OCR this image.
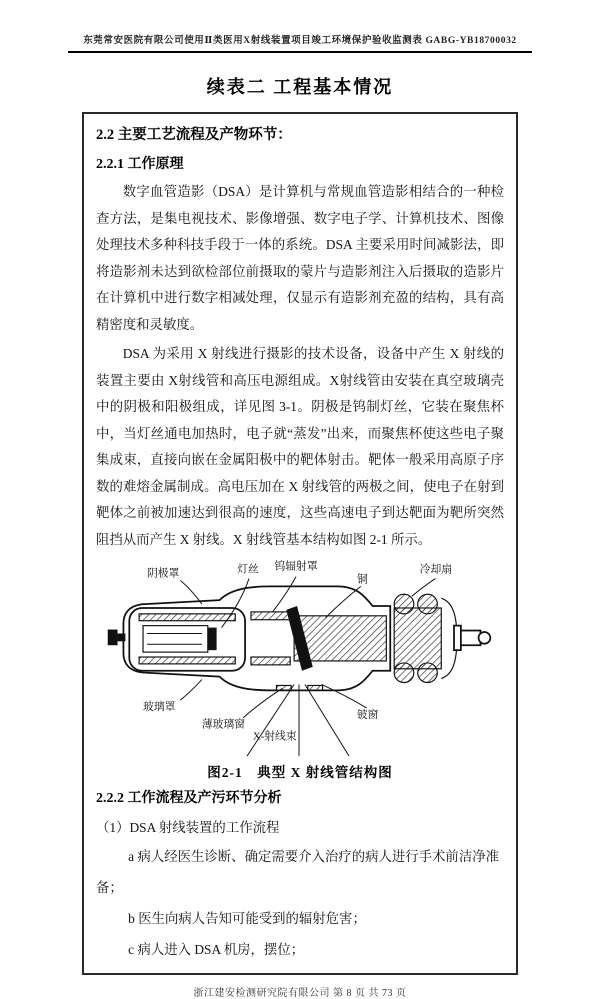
东莞常安医院有限公司使用Ⅱ类医用X射线装置项目竣工环境保护验收监测表 GABG-YB18700032
续表二 工程基本情况
2.2 主要工艺流程及产物环节：
2.2.1 工作原理

数字血管造影（DSA）是计算机与常规血管造影相结合的一种检查方法，是集电视技术、影像增强、数字电子学、计算机技术、图像处理技术多种科技手段于一体的系统。DSA 主要采用时间减影法，即将造影剂未达到欲检部位前摄取的蒙片与造影剂注入后摄取的造影片在计算机中进行数字相减处理，仅显示有造影剂充盈的结构，具有高精密度和灵敏度。

DSA 为采用 X 射线进行摄影的技术设备，设备中产生 X 射线的装置主要由 X射线管和高压电源组成。X射线管由安装在真空玻璃壳中的阴极和阳极组成，详见图 3-1。阴极是钨制灯丝，它装在聚焦杯中，当灯丝通电加热时，电子就“蒸发”出来，而聚焦杯使这些电子聚集成束，直接向嵌在金属阳极中的靶体射击。靶体一般采用高原子序数的难熔金属制成。高电压加在 X 射线管的两极之间，使电子在射到靶体之前被加速达到很高的速度，这些高速电子到达靶面为靶所突然阻挡从而产生 X 射线。X 射线管基本结构如图 2-1 所示。

阴极罩	灯丝 钨辐射罩
铜
冷却扇
玻璃罩
薄玻璃窗
X-射线束
铍窗
图2-1　典型 X 射线管结构图
2.2.2 工作流程及产污环节分析

（1）DSA 射线装置的工作流程

a 病人经医生诊断、确定需要介入治疗的病人进行手术前洁净准备；

b 医生向病人告知可能受到的辐射危害；

c 病人进入 DSA 机房，摆位；

浙江建安检测研究院有限公司 第 8 页 共 73 页
